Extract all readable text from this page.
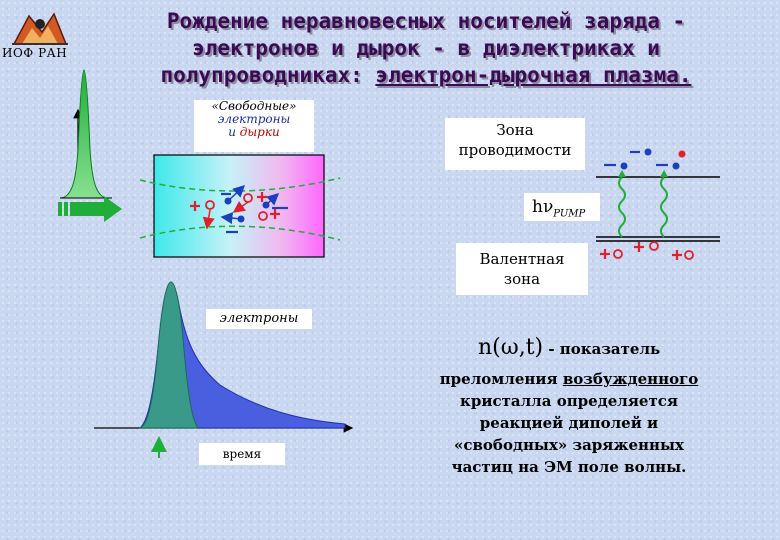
ИОФ РАН
Рождение неравновесных носителей заряда -
электронов и дырок - в диэлектриках и
полупроводниках: электрон-дырочная плазма.
«Свободные»
электроны
и дырки	Зона
проводимости
$h\nu_{PUMP}$
Валентная
зона
электроны
время
n(ω,t) - показатель
преломления возбужденного
кристалла определяется
реакцией диполей и
«свободных» заряженных
частиц на ЭМ поле волны.
